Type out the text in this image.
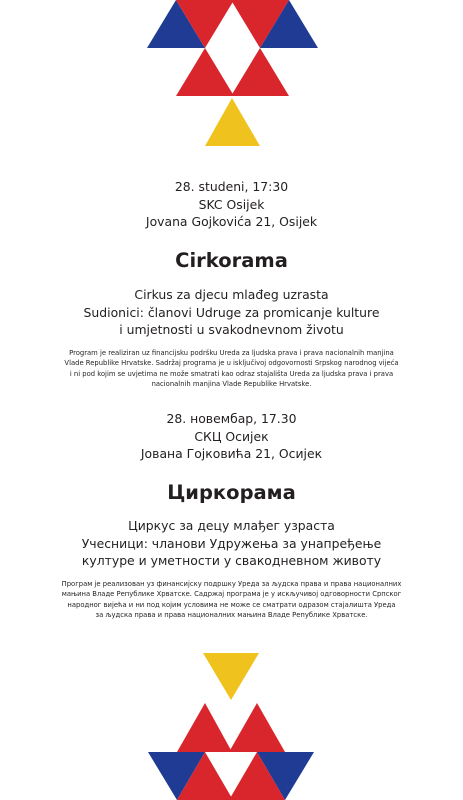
28. studeni, 17:30
SKC Osijek
Jovana Gojkovića 21, Osijek
Cirkorama
Cirkus za djecu mlađeg uzrasta
Sudionici: članovi Udruge za promicanje kulture
i umjetnosti u svakodnevnom životu
Program je realiziran uz financijsku podršku Ureda za ljudska prava i prava nacionalnih manjina
Vlade Republike Hrvatske. Sadržaj programa je u isključivoj odgovornosti Srpskog narodnog vijeća
i ni pod kojim se uvjetima ne može smatrati kao odraz stajališta Ureda za ljudska prava i prava
nacionalnih manjina Vlade Republike Hrvatske.
28. новембар, 17.30
СКЦ Осијек
Јована Гојковића 21, Осијек
Циркорама
Циркус за децу млађег узраста
Учесници: чланови Удружења за унапређење
културе и уметности у свакодневном животу
Програм је реализован уз финансијску подршку Уреда за људска права и права националних
мањина Владе Републике Хрватске. Садржај програма је у искључивој одговорности Српског
народног вијећа и ни под којим условима не може се сматрати одразом стајалишта Уреда
за људска права и права националних мањина Владе Републике Хрватске.
